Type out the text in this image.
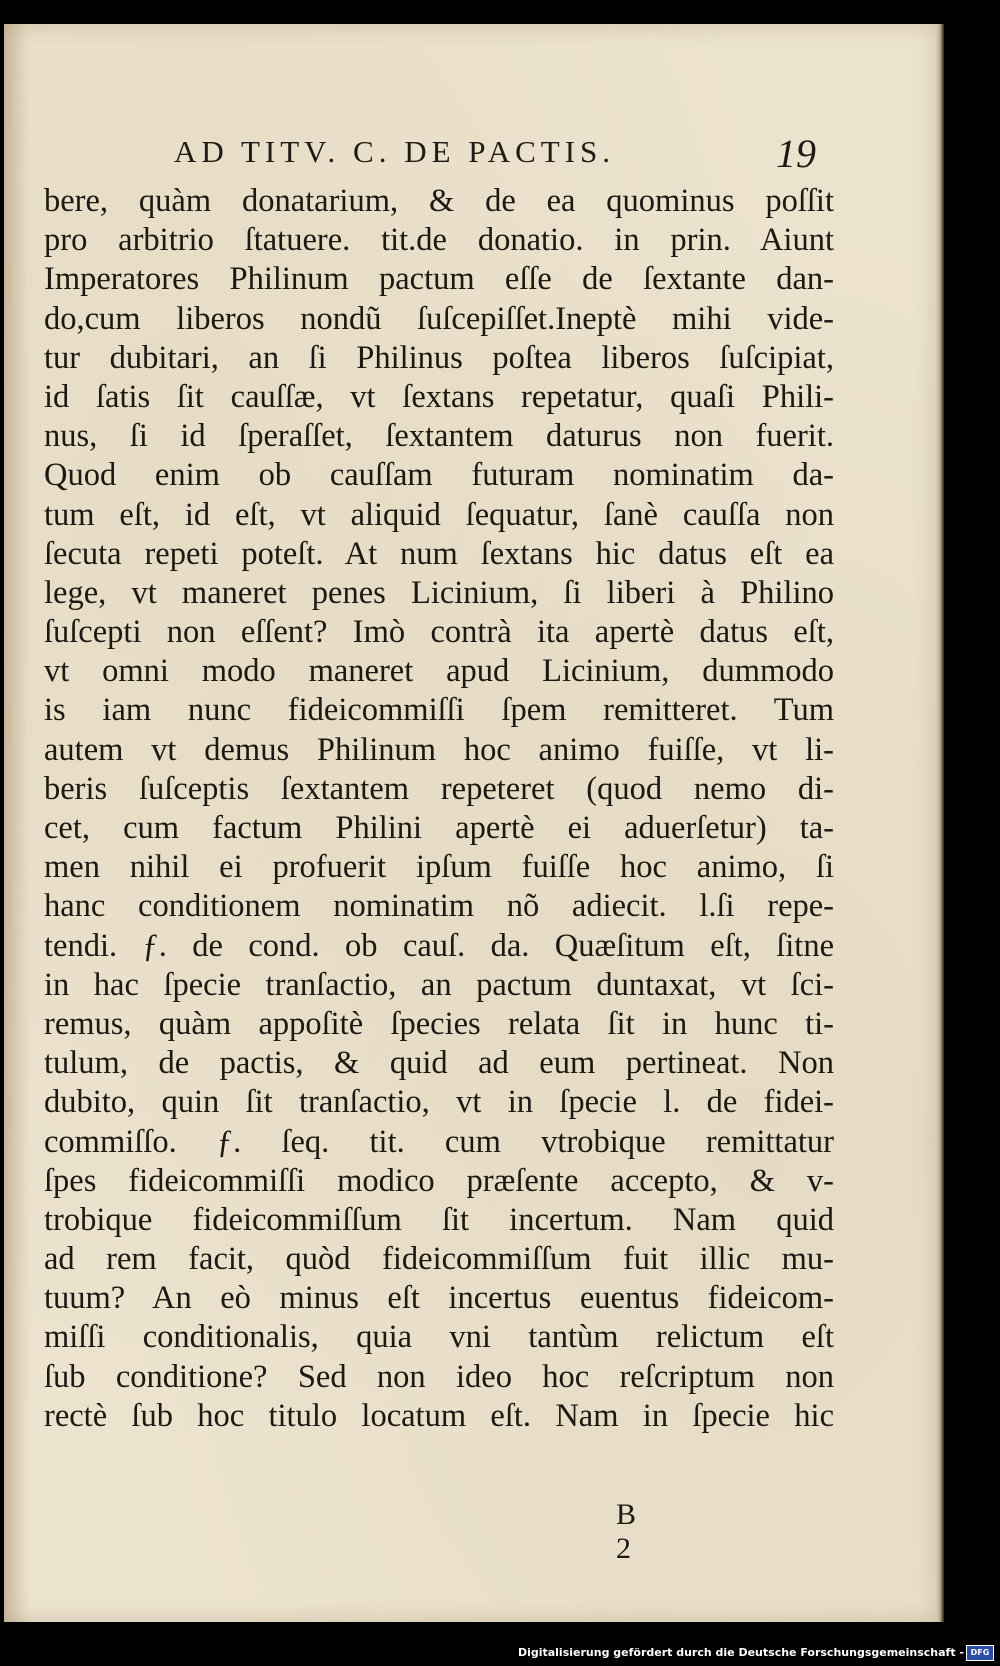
AD TITV. C. DE PACTIS.	19
bere, quàm donatarium, & de ea quominus poſſit
pro arbitrio ſtatuere. tit.de donatio. in prin. Aiunt
Imperatores Philinum pactum eſſe de ſextante dan-
do,cum liberos nondũ ſuſcepiſſet.Ineptè mihi vide-
tur dubitari, an ſi Philinus poſtea liberos ſuſcipiat,
id ſatis ſit cauſſæ, vt ſextans repetatur, quaſi Phili-
nus, ſi id ſperaſſet, ſextantem daturus non fuerit.
Quod enim ob cauſſam futuram nominatim da-
tum eſt, id eſt, vt aliquid ſequatur, ſanè cauſſa non
ſecuta repeti poteſt. At num ſextans hic datus eſt ea
lege, vt maneret penes Licinium, ſi liberi à Philino
ſuſcepti non eſſent? Imò contrà ita apertè datus eſt,
vt omni modo maneret apud Licinium, dummodo
is iam nunc fideicommiſſi ſpem remitteret. Tum
autem vt demus Philinum hoc animo fuiſſe, vt li-
beris ſuſceptis ſextantem repeteret (quod nemo di-
cet, cum factum Philini apertè ei aduerſetur) ta-
men nihil ei profuerit ipſum fuiſſe hoc animo, ſi
hanc conditionem nominatim nõ adiecit. l.ſi repe-
tendi. ƒ. de cond. ob cauſ. da. Quæſitum eſt, ſitne
in hac ſpecie tranſactio, an pactum duntaxat, vt ſci-
remus, quàm appoſitè ſpecies relata ſit in hunc ti-
tulum, de pactis, & quid ad eum pertineat. Non
dubito, quin ſit tranſactio, vt in ſpecie l. de fidei-
commiſſo. ƒ. ſeq. tit. cum vtrobique remittatur
ſpes fideicommiſſi modico præſente accepto, & v-
trobique fideicommiſſum ſit incertum. Nam quid
ad rem facit, quòd fideicommiſſum fuit illic mu-
tuum? An eò minus eſt incertus euentus fideicom-
miſſi conditionalis, quia vni tantùm relictum eſt
ſub conditione? Sed non ideo hoc reſcriptum non
rectè ſub hoc titulo locatum eſt. Nam in ſpecie hic
B 2
Digitalisierung gefördert durch die Deutsche Forschungsgemeinschaft - DFG
